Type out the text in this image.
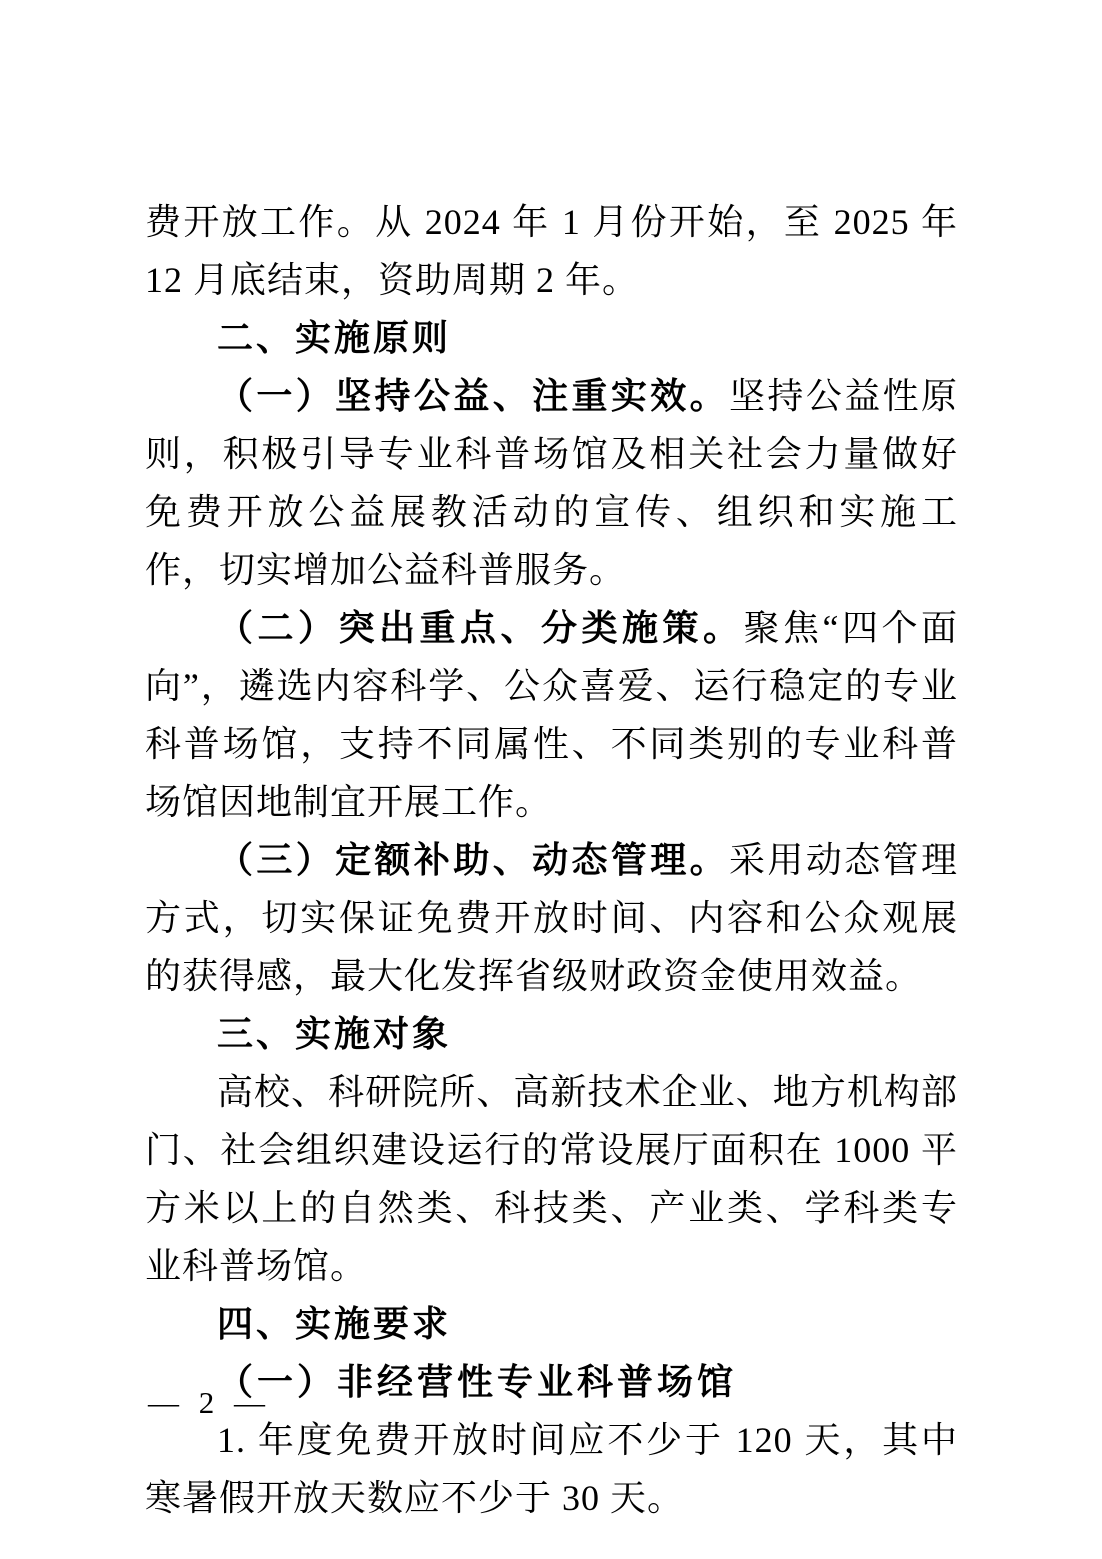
费开放工作。从 2024 年 1 月份开始，至 2025 年 12 月底结束，资助周期 2 年。

二、实施原则

（一）坚持公益、注重实效。坚持公益性原则，积极引导专业科普场馆及相关社会力量做好免费开放公益展教活动的宣传、组织和实施工作，切实增加公益科普服务。

（二）突出重点、分类施策。聚焦“四个面向”，遴选内容科学、公众喜爱、运行稳定的专业科普场馆，支持不同属性、不同类别的专业科普场馆因地制宜开展工作。

（三）定额补助、动态管理。采用动态管理方式，切实保证免费开放时间、内容和公众观展的获得感，最大化发挥省级财政资金使用效益。

三、实施对象

高校、科研院所、高新技术企业、地方机构部门、社会组织建设运行的常设展厅面积在 1000 平方米以上的自然类、科技类、产业类、学科类专业科普场馆。

四、实施要求

（一）非经营性专业科普场馆

1. 年度免费开放时间应不少于 120 天，其中寒暑假开放天数应不少于 30 天。

— 2 —
